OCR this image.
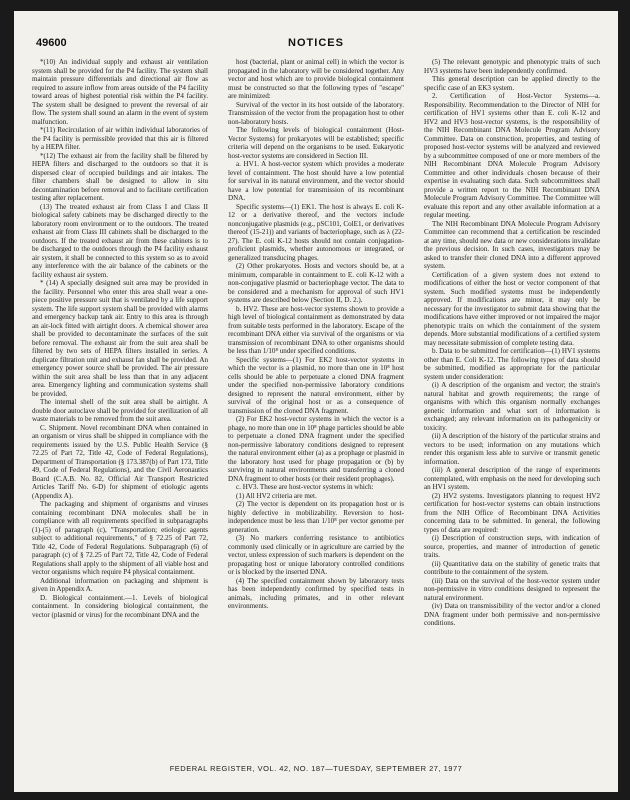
49600	NOTICES

*(10) An individual supply and exhaust air ventilation system shall be provided for the P4 facility. The system shall maintain pressure differentials and directional air flow as required to assure inflow from areas outside of the P4 facility toward areas of highest potential risk within the P4 facility. The system shall be designed to prevent the reversal of air flow. The system shall sound an alarm in the event of system malfunction.

*(11) Recirculation of air within individual laboratories of the P4 facility is permissible provided that this air is filtered by a HEPA filter.

*(12) The exhaust air from the facility shall be filtered by HEPA filters and discharged to the outdoors so that it is dispersed clear of occupied buildings and air intakes. The filter chambers shall be designed to allow in situ decontamination before removal and to facilitate certification testing after replacement.

(13) The treated exhaust air from Class I and Class II biological safety cabinets may be discharged directly to the laboratory room environment or to the outdoors. The treated exhaust air from Class III cabinets shall be discharged to the outdoors. If the treated exhaust air from these cabinets is to be discharged to the outdoors through the P4 facility exhaust air system, it shall be connected to this system so as to avoid any interference with the air balance of the cabinets or the facility exhaust air system.

* (14) A specially designed suit area may be provided in the facility. Personnel who enter this area shall wear a one-piece positive pressure suit that is ventilated by a life support system. The life support system shall be provided with alarms and emergency backup tank air. Entry to this area is through an air-lock fitted with airtight doors. A chemical shower area shall be provided to decontaminate the surfaces of the suit before removal. The exhaust air from the suit area shall be filtered by two sets of HEPA filters installed in series. A duplicate filtration unit and exhaust fan shall be provided. An emergency power source shall be provided. The air pressure within the suit area shall be less than that in any adjacent area. Emergency lighting and communication systems shall be provided.

The internal shell of the suit area shall be airtight. A double door autoclave shall be provided for sterilization of all waste materials to be removed from the suit area.

C. Shipment. Novel recombinant DNA when contained in an organism or virus shall be shipped in compliance with the requirements issued by the U.S. Public Health Service (§ 72.25 of Part 72, Title 42, Code of Federal Regulations), Department of Transportation (§ 173.387(b) of Part 173, Title 49, Code of Federal Regulations), and the Civil Aeronautics Board (C.A.B. No. 82, Official Air Transport Restricted Articles Tariff No. 6-D) for shipment of etiologic agents (Appendix A).

The packaging and shipment of organisms and viruses containing recombinant DNA molecules shall be in compliance with all requirements specified in subparagraphs (1)-(5) of paragraph (c), "Transportation; etiologic agents subject to additional requirements," of § 72.25 of Part 72, Title 42, Code of Federal Regulations. Subparagraph (6) of paragraph (c) of § 72.25 of Part 72, Title 42, Code of Federal Regulations shall apply to the shipment of all viable host and vector organisms which require P4 physical containment.

Additional information on packaging and shipment is given in Appendix A.

D. Biological containment.—1. Levels of biological containment. In considering biological containment, the vector (plasmid or virus) for the recombinant DNA and the

host (bacterial, plant or animal cell) in which the vector is propagated in the laboratory will be considered together. Any vector and host which are to provide biological containment must be constructed so that the following types of "escape" are minimized:

Survival of the vector in its host outside of the laboratory. Transmission of the vector from the propagation host to other non-laboratory hosts.

The following levels of biological containment (Host-Vector Systems) for prokaryotes will be established; specific criteria will depend on the organisms to be used. Eukaryotic host-vector systems are considered in Section III.

a. HV1. A host-vector system which provides a moderate level of containment. The host should have a low potential for survival in its natural environment, and the vector should have a low potential for transmission of its recombinant DNA.

Specific systems—(1) EK1. The host is always E. coli K-12 or a derivative thereof, and the vectors include nonconjugative plasmids (e.g., pSC101, ColE1, or derivatives thereof (15-21)) and variants of bacteriophage, such as λ (22-27). The E. coli K-12 hosts should not contain conjugation-proficient plasmids, whether autonomous or integrated, or generalized transducing phages.

(2) Other prokaryotes. Hosts and vectors should be, at a minimum, comparable in containment to E. coli K-12 with a non-conjugative plasmid or bacteriophage vector. The data to be considered and a mechanism for approval of such HV1 systems are described below (Section II, D. 2.).

b. HV2. These are host-vector systems shown to provide a high level of biological containment as demonstrated by data from suitable tests performed in the laboratory. Escape of the recombinant DNA either via survival of the organisms or via transmission of recombinant DNA to other organisms should be less than 1/10⁸ under specified conditions.

Specific systems—(1) For EK2 host-vector systems in which the vector is a plasmid, no more than one in 10⁸ host cells should be able to perpetuate a cloned DNA fragment under the specified non-permissive laboratory conditions designed to represent the natural environment, either by survival of the original host or as a consequence of transmission of the cloned DNA fragment.

(2) For EK2 host-vector systems in which the vector is a phage, no more than one in 10⁸ phage particles should be able to perpetuate a cloned DNA fragment under the specified non-permissive laboratory conditions designed to represent the natural environment either (a) as a prophage or plasmid in the laboratory host used for phage propagation or (b) by surviving in natural environments and transferring a cloned DNA fragment to other hosts (or their resident prophages).

c. HV3. These are host-vector systems in which:

(1) All HV2 criteria are met.

(2) The vector is dependent on its propagation host or is highly defective in mobilizability. Reversion to host-independence must be less than 1/10⁸ per vector genome per generation.

(3) No markers conferring resistance to antibiotics commonly used clinically or in agriculture are carried by the vector, unless expression of such markers is dependent on the propagating host or unique laboratory controlled conditions or is blocked by the inserted DNA.

(4) The specified containment shown by laboratory tests has been independently confirmed by specified tests in animals, including primates, and in other relevant environments.

(5) The relevant genotypic and phenotypic traits of such HV3 systems have been independently confirmed.

This general description can be applied directly to the specific case of an EK3 system.

2. Certification of Host-Vector Systems—a. Responsibility. Recommendation to the Director of NIH for certification of HV1 systems other than E. coli K-12 and HV2 and HV3 host-vector systems, is the responsibility of the NIH Recombinant DNA Molecule Program Advisory Committee. Data on construction, properties, and testing of proposed host-vector systems will be analyzed and reviewed by a subcommittee composed of one or more members of the NIH Recombinant DNA Molecule Program Advisory Committee and other individuals chosen because of their expertise in evaluating such data. Such subcommittees shall provide a written report to the NIH Recombinant DNA Molecule Program Advisory Committee. The Committee will evaluate this report and any other available information at a regular meeting.

The NIH Recombinant DNA Molecule Program Advisory Committee can recommend that a certification be rescinded at any time, should new data or new considerations invalidate the previous decision. In such cases, investigators may be asked to transfer their cloned DNA into a different approved system.

Certification of a given system does not extend to modifications of either the host or vector component of that system. Such modified systems must be independently approved. If modifications are minor, it may only be necessary for the investigator to submit data showing that the modifications have either improved or not impaired the major phenotypic traits on which the containment of the system depends. More substantial modifications of a certified system may necessitate submission of complete testing data.

b. Data to be submitted for certification—(1) HV1 systems other than E. Coli K-12. The following types of data should be submitted, modified as appropriate for the particular system under consideration:

(i) A description of the organism and vector; the strain's natural habitat and growth requirements; the range of organisms with which this organism normally exchanges genetic information and what sort of information is exchanged; any relevant information on its pathogenicity or toxicity.

(ii) A description of the history of the particular strains and vectors to be used; information on any mutations which render this organism less able to survive or transmit genetic information.

(iii) A general description of the range of experiments contemplated, with emphasis on the need for developing such an HV1 system.

(2) HV2 systems. Investigators planning to request HV2 certification for host-vector systems can obtain instructions from the NIH Office of Recombinant DNA Activities concerning data to be submitted. In general, the following types of data are required:

(i) Description of construction steps, with indication of source, properties, and manner of introduction of genetic traits.

(ii) Quantitative data on the stability of genetic traits that contribute to the containment of the system.

(iii) Data on the survival of the host-vector system under non-permissive in vitro conditions designed to represent the natural environment.

(iv) Data on transmissibility of the vector and/or a cloned DNA fragment under both permissive and non-permissive conditions.

FEDERAL REGISTER, VOL. 42, NO. 187—TUESDAY, SEPTEMBER 27, 1977
